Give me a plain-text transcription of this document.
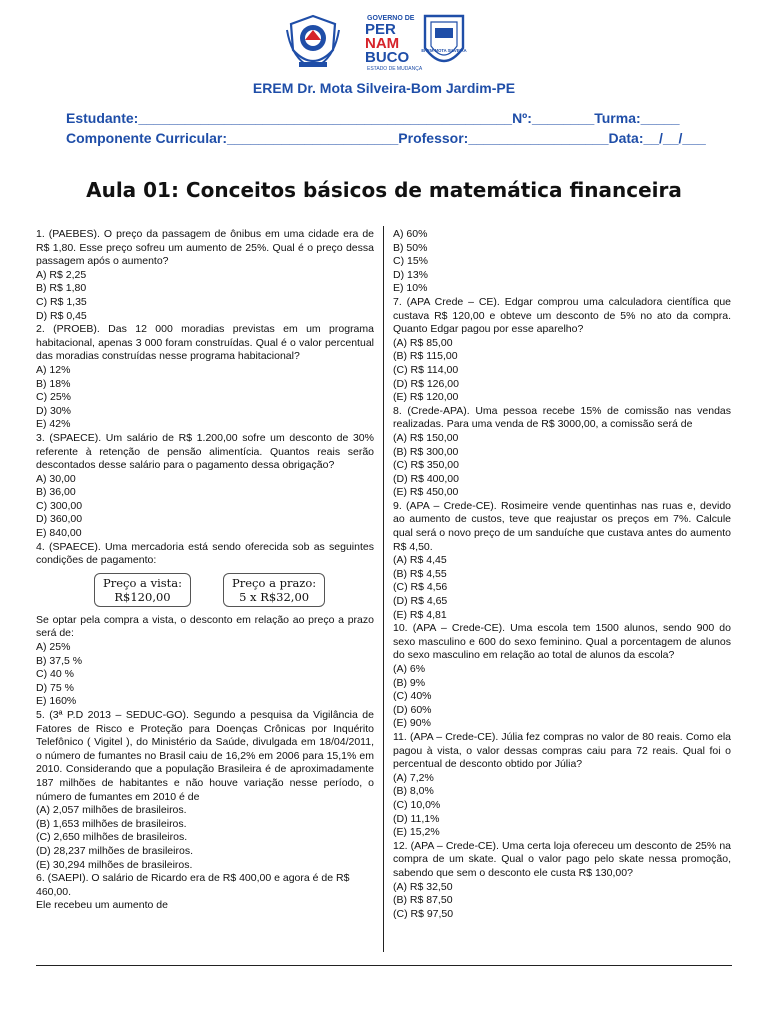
GOVERNO DE
PER
NAM
BUCO
ESTADO DE MUDANÇA
EREM MOTA SILVEIRA
EREM Dr. Mota Silveira-Bom Jardim-PE
Estudante:________________________________________________Nº:________Turma:_____
Componente Curricular:______________________Professor:__________________Data:__/__/___
Aula 01: Conceitos básicos de matemática financeira

1. (PAEBES). O preço da passagem de ônibus em uma cidade era de R$ 1,80. Esse preço sofreu um aumento de 25%. Qual é o preço dessa passagem após o aumento?

A) R$ 2,25

B) R$ 1,80

C) R$ 1,35

D) R$ 0,45

2. (PROEB). Das 12 000 moradias previstas em um programa habitacional, apenas 3 000 foram construídas. Qual é o valor percentual das moradias construídas nesse programa habitacional?

A) 12%

B) 18%

C) 25%

D) 30%

E) 42%

3. (SPAECE). Um salário de R$ 1.200,00 sofre um desconto de 30% referente à retenção de pensão alimentícia. Quantos reais serão descontados desse salário para o pagamento dessa obrigação?

A) 30,00

B) 36,00

C) 300,00

D) 360,00

E) 840,00

4. (SPAECE). Uma mercadoria está sendo oferecida sob as seguintes condições de pagamento:

Preço a vista:
R$120,00
Preço a prazo:
5 x R$32,00

Se optar pela compra a vista, o desconto em relação ao preço a prazo será de:

A) 25%

B) 37,5 %

C) 40 %

D) 75 %

E) 160%

5. (3ª P.D 2013 – SEDUC-GO). Segundo a pesquisa da Vigilância de Fatores de Risco e Proteção para Doenças Crônicas por Inquérito Telefônico ( Vigitel ), do Ministério da Saúde, divulgada em 18/04/2011, o número de fumantes no Brasil caiu de 16,2% em 2006 para 15,1% em 2010. Considerando que a população Brasileira é de aproximadamente 187 milhões de habitantes e não houve variação nesse período, o número de fumantes em 2010 é de

(A) 2,057 milhões de brasileiros.

(B) 1,653 milhões de brasileiros.

(C) 2,650 milhões de brasileiros.

(D) 28,237 milhões de brasileiros.

(E) 30,294 milhões de brasileiros.

6. (SAEPI). O salário de Ricardo era de R$ 400,00 e agora é de R$ 460,00.

Ele recebeu um aumento de

A) 60%

B) 50%

C) 15%

D) 13%

E) 10%

7. (APA Crede – CE). Edgar comprou uma calculadora científica que custava R$ 120,00 e obteve um desconto de 5% no ato da compra. Quanto Edgar pagou por esse aparelho?

(A) R$ 85,00

(B) R$ 115,00

(C) R$ 114,00

(D) R$ 126,00

(E) R$ 120,00

8. (Crede-APA). Uma pessoa recebe 15% de comissão nas vendas realizadas. Para uma venda de R$ 3000,00, a comissão será de

(A) R$ 150,00

(B) R$ 300,00

(C) R$ 350,00

(D) R$ 400,00

(E) R$ 450,00

9. (APA – Crede-CE). Rosimeire vende quentinhas nas ruas e, devido ao aumento de custos, teve que reajustar os preços em 7%. Calcule qual será o novo preço de um sanduíche que custava antes do aumento R$ 4,50.

(A) R$ 4,45

(B) R$ 4,55

(C) R$ 4,56

(D) R$ 4,65

(E) R$ 4,81

10. (APA – Crede-CE). Uma escola tem 1500 alunos, sendo 900 do sexo masculino e 600 do sexo feminino. Qual a porcentagem de alunos do sexo masculino em relação ao total de alunos da escola?

(A) 6%

(B) 9%

(C) 40%

(D) 60%

(E) 90%

11. (APA – Crede-CE). Júlia fez compras no valor de 80 reais. Como ela pagou à vista, o valor dessas compras caiu para 72 reais. Qual foi o percentual de desconto obtido por Júlia?

(A) 7,2%

(B) 8,0%

(C) 10,0%

(D) 11,1%

(E) 15,2%

12. (APA – Crede-CE). Uma certa loja ofereceu um desconto de 25% na compra de um skate. Qual o valor pago pelo skate nessa promoção, sabendo que sem o desconto ele custa R$ 130,00?

(A) R$ 32,50

(B) R$ 87,50

(C) R$ 97,50
